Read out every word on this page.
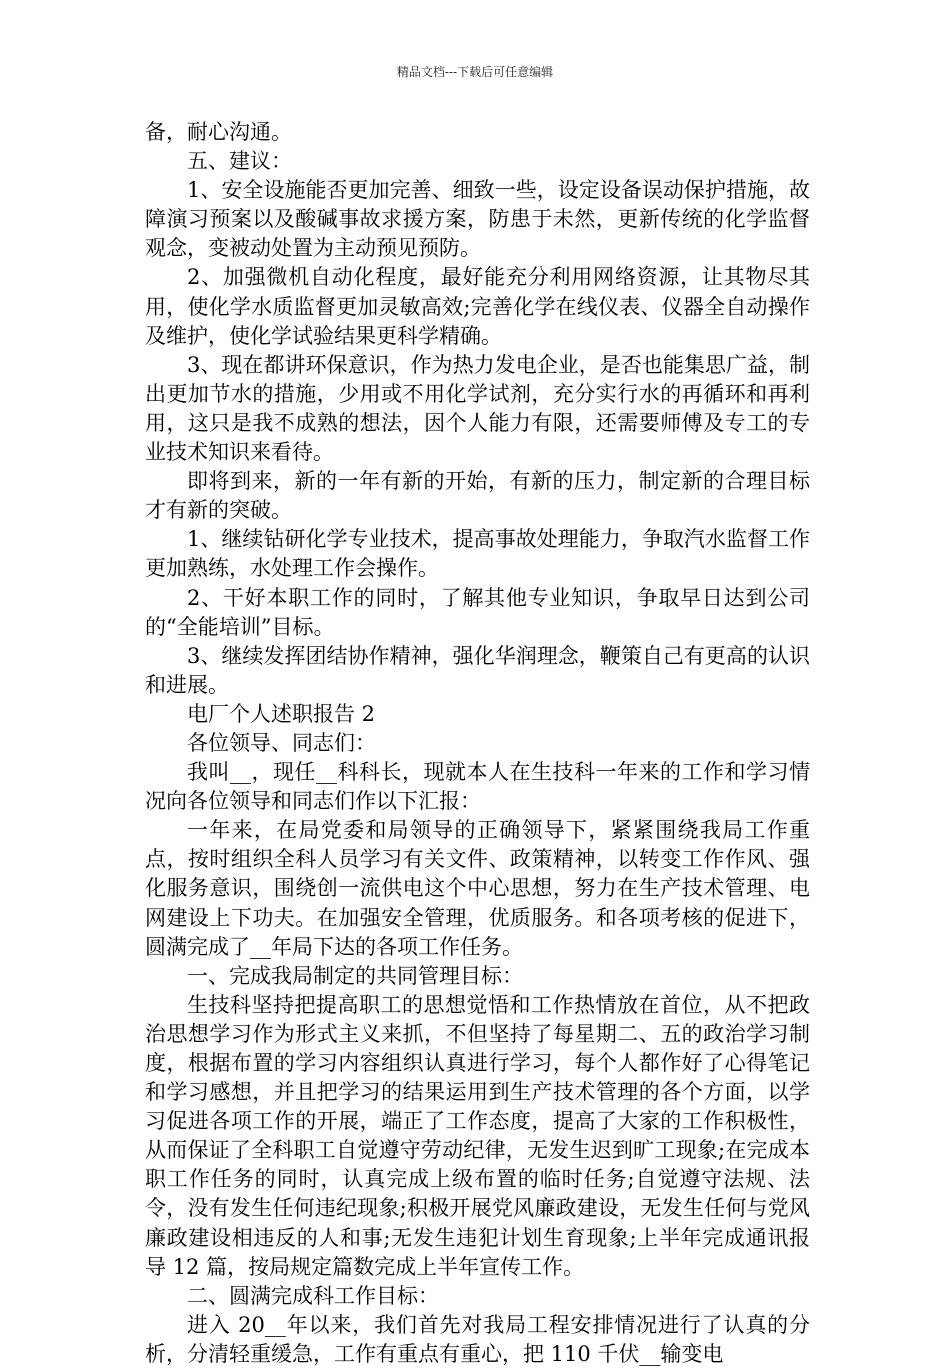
精品文档---下载后可任意编辑

备，耐心沟通。

五、建议：

1、安全设施能否更加完善、细致一些，设定设备误动保护措施，故障演习预案以及酸碱事故求援方案，防患于未然，更新传统的化学监督观念，变被动处置为主动预见预防。

2、加强微机自动化程度，最好能充分利用网络资源，让其物尽其用，使化学水质监督更加灵敏高效;完善化学在线仪表、仪器全自动操作及维护，使化学试验结果更科学精确。

3、现在都讲环保意识，作为热力发电企业，是否也能集思广益，制出更加节水的措施，少用或不用化学试剂，充分实行水的再循环和再利用，这只是我不成熟的想法，因个人能力有限，还需要师傅及专工的专业技术知识来看待。

即将到来，新的一年有新的开始，有新的压力，制定新的合理目标才有新的突破。

1、继续钻研化学专业技术，提高事故处理能力，争取汽水监督工作更加熟练，水处理工作会操作。

2、干好本职工作的同时，了解其他专业知识，争取早日达到公司的“全能培训”目标。

3、继续发挥团结协作精神，强化华润理念，鞭策自己有更高的认识和进展。

电厂个人述职报告 2

各位领导、同志们：

我叫__，现任__科科长，现就本人在生技科一年来的工作和学习情况向各位领导和同志们作以下汇报：

一年来，在局党委和局领导的正确领导下，紧紧围绕我局工作重点，按时组织全科人员学习有关文件、政策精神，以转变工作作风、强化服务意识，围绕创一流供电这个中心思想，努力在生产技术管理、电网建设上下功夫。在加强安全管理，优质服务。和各项考核的促进下，圆满完成了__年局下达的各项工作任务。

一、完成我局制定的共同管理目标：

生技科坚持把提高职工的思想觉悟和工作热情放在首位，从不把政治思想学习作为形式主义来抓，不但坚持了每星期二、五的政治学习制度，根据布置的学习内容组织认真进行学习，每个人都作好了心得笔记和学习感想，并且把学习的结果运用到生产技术管理的各个方面，以学习促进各项工作的开展，端正了工作态度，提高了大家的工作积极性，从而保证了全科职工自觉遵守劳动纪律，无发生迟到旷工现象;在完成本职工作任务的同时，认真完成上级布置的临时任务;自觉遵守法规、法令，没有发生任何违纪现象;积极开展党风廉政建设，无发生任何与党风廉政建设相违反的人和事;无发生违犯计划生育现象;上半年完成通讯报导 12 篇，按局规定篇数完成上半年宣传工作。

二、圆满完成科工作目标：

进入 20__年以来，我们首先对我局工程安排情况进行了认真的分析，分清轻重缓急，工作有重点有重心，把 110 千伏__输变电
